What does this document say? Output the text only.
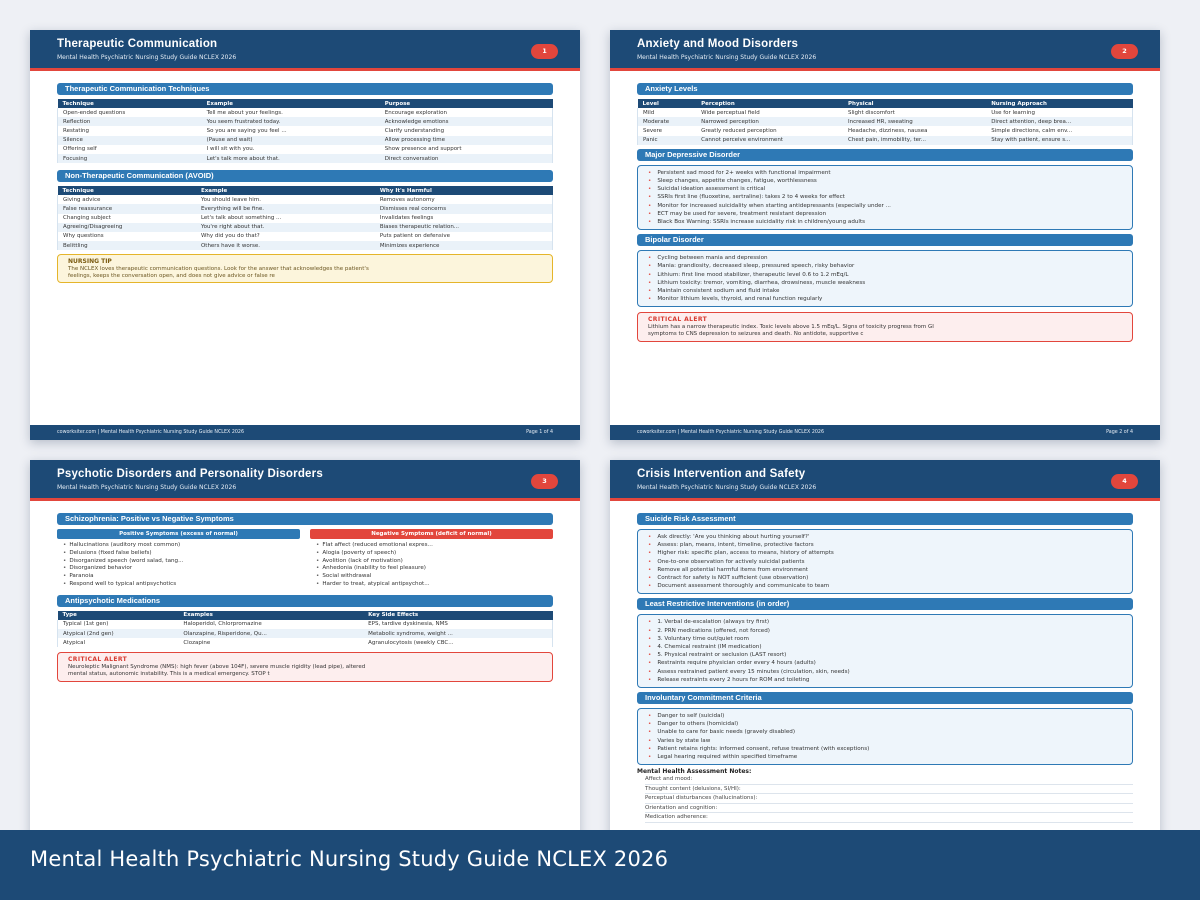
Therapeutic Communication
Mental Health Psychiatric Nursing Study Guide NCLEX 2026
1
Therapeutic Communication Techniques
Technique	Example	Purpose
Open-ended questions	Tell me about your feelings.	Encourage exploration
Reflection	You seem frustrated today.	Acknowledge emotions
Restating	So you are saying you feel ...	Clarify understanding
Silence	(Pause and wait)	Allow processing time
Offering self	I will sit with you.	Show presence and support
Focusing	Let's talk more about that.	Direct conversation
Non-Therapeutic Communication (AVOID)
Technique	Example	Why It's Harmful
Giving advice	You should leave him.	Removes autonomy
False reassurance	Everything will be fine.	Dismisses real concerns
Changing subject	Let's talk about something ...	Invalidates feelings
Agreeing/Disagreeing	You're right about that.	Biases therapeutic relation...
Why questions	Why did you do that?	Puts patient on defensive
Belittling	Others have it worse.	Minimizes experience
NURSING TIP
The NCLEX loves therapeutic communication questions. Look for the answer that acknowledges the patient's feelings, keeps the conversation open, and does not give advice or false re
coworksiter.com | Mental Health Psychiatric Nursing Study Guide NCLEX 2026	Page 1 of 4
Anxiety and Mood Disorders
Mental Health Psychiatric Nursing Study Guide NCLEX 2026
2
Anxiety Levels
Level	Perception	Physical	Nursing Approach
Mild	Wide perceptual field	Slight discomfort	Use for learning
Moderate	Narrowed perception	Increased HR, sweating	Direct attention, deep brea...
Severe	Greatly reduced perception	Headache, dizziness, nausea	Simple directions, calm env...
Panic	Cannot perceive environment	Chest pain, immobility, ter...	Stay with patient, ensure s...
Major Depressive Disorder
• Persistent sad mood for 2+ weeks with functional impairment
• Sleep changes, appetite changes, fatigue, worthlessness
• Suicidal ideation assessment is critical
• SSRIs first line (fluoxetine, sertraline): takes 2 to 4 weeks for effect
• Monitor for increased suicidality when starting antidepressants (especially under ...
• ECT may be used for severe, treatment resistant depression
• Black Box Warning: SSRIs increase suicidality risk in children/young adults
Bipolar Disorder
• Cycling between mania and depression
• Mania: grandiosity, decreased sleep, pressured speech, risky behavior
• Lithium: first line mood stabilizer, therapeutic level 0.6 to 1.2 mEq/L
• Lithium toxicity: tremor, vomiting, diarrhea, drowsiness, muscle weakness
• Maintain consistent sodium and fluid intake
• Monitor lithium levels, thyroid, and renal function regularly
CRITICAL ALERT
Lithium has a narrow therapeutic index. Toxic levels above 1.5 mEq/L. Signs of toxicity progress from GI symptoms to CNS depression to seizures and death. No antidote, supportive c
coworksiter.com | Mental Health Psychiatric Nursing Study Guide NCLEX 2026	Page 2 of 4
Psychotic Disorders and Personality Disorders
Mental Health Psychiatric Nursing Study Guide NCLEX 2026
3
Schizophrenia: Positive vs Negative Symptoms
Positive Symptoms (excess of normal)
• Hallucinations (auditory most common)
• Delusions (fixed false beliefs)
• Disorganized speech (word salad, tang...
• Disorganized behavior
• Paranoia
• Respond well to typical antipsychotics
Negative Symptoms (deficit of normal)
• Flat affect (reduced emotional expres...
• Alogia (poverty of speech)
• Avolition (lack of motivation)
• Anhedonia (inability to feel pleasure)
• Social withdrawal
• Harder to treat, atypical antipsychot...
Antipsychotic Medications
Type	Examples	Key Side Effects
Typical (1st gen)	Haloperidol, Chlorpromazine	EPS, tardive dyskinesia, NMS
Atypical (2nd gen)	Olanzapine, Risperidone, Qu...	Metabolic syndrome, weight ...
Atypical	Clozapine	Agranulocytosis (weekly CBC...
CRITICAL ALERT
Neuroleptic Malignant Syndrome (NMS): high fever (above 104F), severe muscle rigidity (lead pipe), altered mental status, autonomic instability. This is a medical emergency. STOP t
Crisis Intervention and Safety
Mental Health Psychiatric Nursing Study Guide NCLEX 2026
4
Suicide Risk Assessment
• Ask directly: 'Are you thinking about hurting yourself?'
• Assess: plan, means, intent, timeline, protective factors
• Higher risk: specific plan, access to means, history of attempts
• One-to-one observation for actively suicidal patients
• Remove all potential harmful items from environment
• Contract for safety is NOT sufficient (use observation)
• Document assessment thoroughly and communicate to team
Least Restrictive Interventions (in order)
• 1. Verbal de-escalation (always try first)
• 2. PRN medications (offered, not forced)
• 3. Voluntary time out/quiet room
• 4. Chemical restraint (IM medication)
• 5. Physical restraint or seclusion (LAST resort)
• Restraints require physician order every 4 hours (adults)
• Assess restrained patient every 15 minutes (circulation, skin, needs)
• Release restraints every 2 hours for ROM and toileting
Involuntary Commitment Criteria
• Danger to self (suicidal)
• Danger to others (homicidal)
• Unable to care for basic needs (gravely disabled)
• Varies by state law
• Patient retains rights: informed consent, refuse treatment (with exceptions)
• Legal hearing required within specified timeframe
Mental Health Assessment Notes:
Affect and mood:
Thought content (delusions, SI/HI):
Perceptual disturbances (hallucinations):
Orientation and cognition:
Medication adherence:
Mental Health Psychiatric Nursing Study Guide NCLEX 2026
